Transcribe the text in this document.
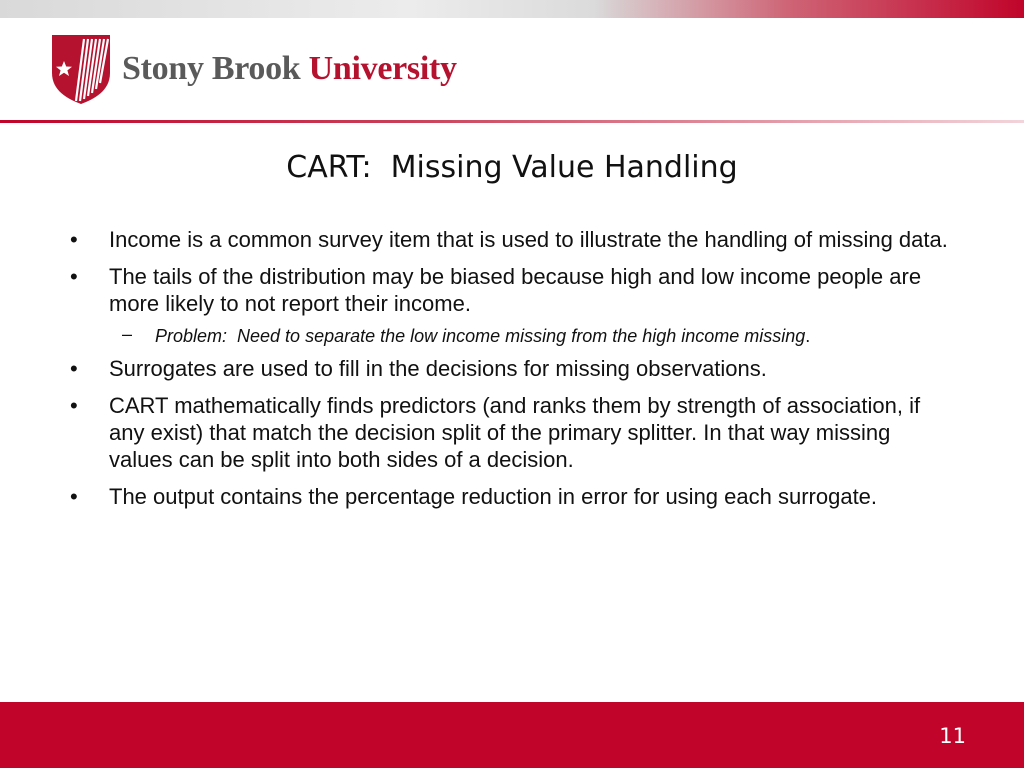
Stony Brook University
CART:  Missing Value Handling
• Income is a common survey item that is used to illustrate the handling of missing data.
• The tails of the distribution may be biased because high and low income people are more likely to not report their income.
– Problem:  Need to separate the low income missing from the high income missing.
• Surrogates are used to fill in the decisions for missing observations.
• CART mathematically finds predictors (and ranks them by strength of association, if any exist) that match the decision split of the primary splitter. In that way missing values can be split into both sides of a decision.
• The output contains the percentage reduction in error for using each surrogate.
11
